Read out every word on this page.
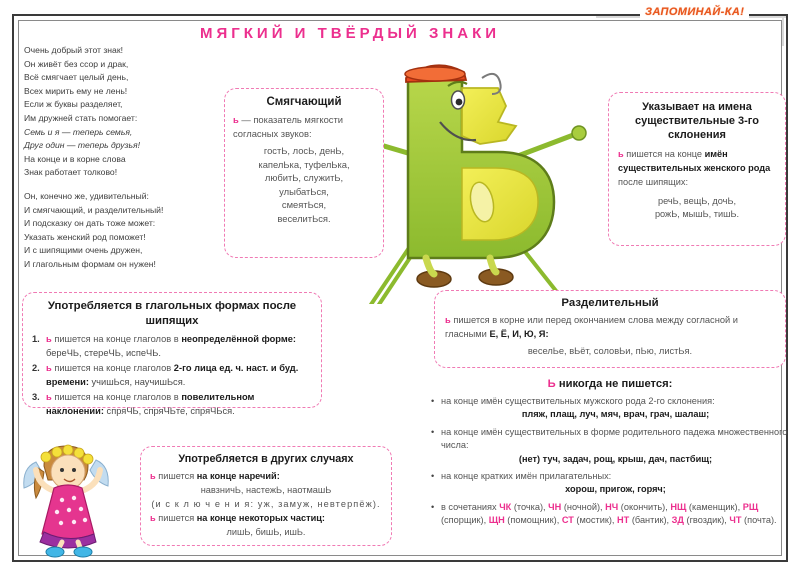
МЯГКИЙ И ТВЁРДЫЙ ЗНАКИ
ЗАПОМИНАЙ-КА!
Очень добрый этот знак!
Он живёт без ссор и драк,
Всё смягчает целый день,
Всех мирить ему не лень!
Если ж буквы разделяет,
Им дружней стать помогает:
Семь и я — теперь семья,
Друг один — теперь друзья!
На конце и в корне слова
Знак работает толково!
Он, конечно же, удивительный:
И смягчающий, и разделительный!
И подсказку он дать тоже может:
Указать женский род поможет!
И с шипящими очень дружен,
И глагольным формам он нужен!
Смягчающий
ь — показатель мягкости согласных звуков:
гостЬ, лосЬ, денЬ,
капелЬка, туфелЬка,
любитЬ, служитЬ,
улыбатЬся,
смеятЬся,
веселитЬся.
Указывает на имена существительные 3-го склонения
ь пишется на конце имён существительных женского рода после шипящих:
речЬ, вещЬ, дочЬ,
рожЬ, мышЬ, тишЬ.
Употребляется в глагольных формах после шипящих
1. ь пишется на конце глаголов в неопределённой форме: береЧЬ, стереЧЬ, испеЧЬ.
2. ь пишется на конце глаголов 2-го лица ед. ч. наст. и буд. времени: учишЬся, научишЬся.
3. ь пишется на конце глаголов в повелительном наклонении: спряЧЬ, спряЧЬте, спряЧЬся.
Разделительный
ь пишется в корне или перед окончанием слова между согласной и гласными Е, Ё, И, Ю, Я:
веселЬе, вЬёт, соловЬи, пЬю, листЬя.
Употребляется в других случаях
ь пишется на конце наречий:
навзничЬ, настежЬ, наотмашЬ
(и с к л ю ч е н и я: уж, замуж, невтерпёж).
ь пишется на конце некоторых частиц:
лишЬ, бишЬ, ишЬ.
Ь никогда не пишется:
• на конце имён существительных мужского рода 2-го склонения:
пляж, плащ, луч, мяч, врач, грач, шалаш;
• на конце имён существительных в форме родительного падежа множественного числа:
(нет) туч, задач, рощ, крыш, дач, пастбищ;
• на конце кратких имён прилагательных:
хорош, пригож, горяч;
• в сочетаниях ЧК (точка), ЧН (ночной), НЧ (окончить), НЩ (каменщик), РЩ (спорщик), ЩН (помощник), СТ (мостик), НТ (бантик), ЗД (гвоздик), ЧТ (почта).
